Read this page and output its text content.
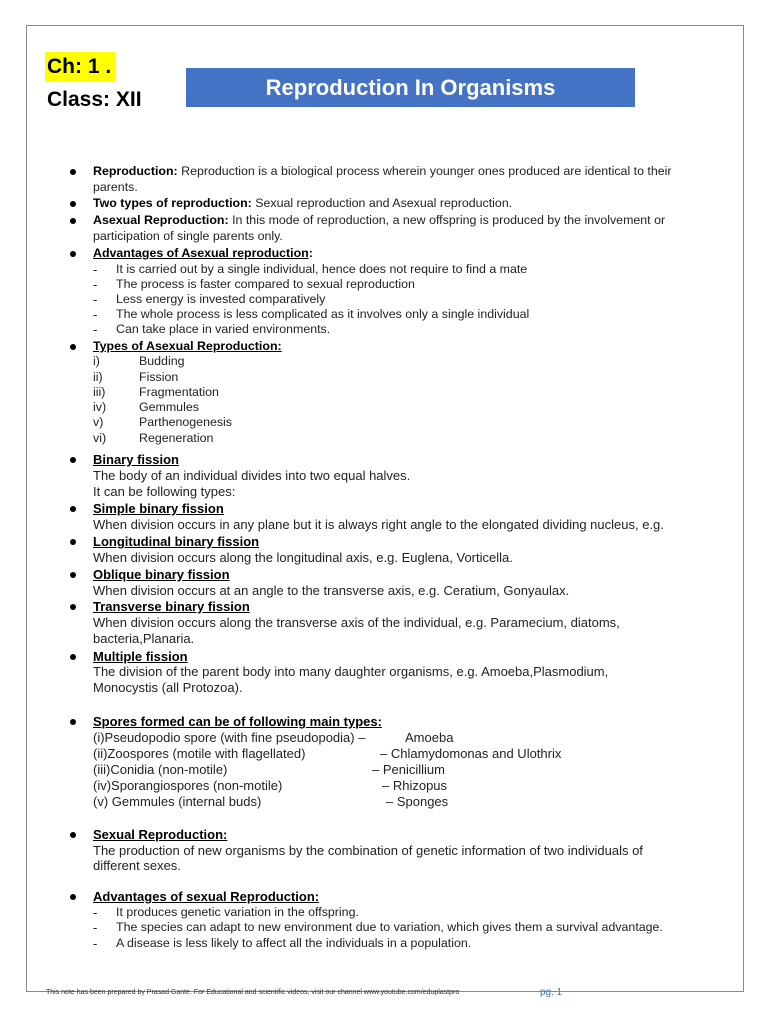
Ch: 1 .
Class: XII	Reproduction In Organisms
Reproduction: Reproduction is a biological process wherein younger ones produced are identical to their
parents.
Two types of reproduction: Sexual reproduction and Asexual reproduction.
Asexual Reproduction: In this mode of reproduction, a new offspring is produced by the involvement or
participation of single parents only.
Advantages of Asexual reproduction:
- It is carried out by a single individual, hence does not require to find a mate
- The process is faster compared to sexual reproduction
- Less energy is invested comparatively
- The whole process is less complicated as it involves only a single individual
- Can take place in varied environments.
Types of Asexual Reproduction:
i)	Budding
ii)	Fission
iii)	Fragmentation
iv)	Gemmules
v)	Parthenogenesis
vi)	Regeneration
Binary fission
The body of an individual divides into two equal halves.
It can be following types:
Simple binary fission
When division occurs in any plane but it is always right angle to the elongated dividing nucleus, e.g.
Longitudinal binary fission
When division occurs along the longitudinal axis, e.g. Euglena, Vorticella.
Oblique binary fission
When division occurs at an angle to the transverse axis, e.g. Ceratium, Gonyaulax.
Transverse binary fission
When division occurs along the transverse axis of the individual, e.g. Paramecium, diatoms,
bacteria,Planaria.
Multiple fission
The division of the parent body into many daughter organisms, e.g. Amoeba,Plasmodium,
Monocystis (all Protozoa).
Spores formed can be of following main types:
(i)Pseudopodio spore (with fine pseudopodia) –	Amoeba
(ii)Zoospores (motile with flagellated)	– Chlamydomonas and Ulothrix
(iii)Conidia (non-motile)	– Penicillium
(iv)Sporangiospores (non-motile)	– Rhizopus
(v) Gemmules (internal buds)	– Sponges
Sexual Reproduction:
The production of new organisms by the combination of genetic information of two individuals of
different sexes.
Advantages of sexual Reproduction:
- It produces genetic variation in the offspring.
- The species can adapt to new environment due to variation, which gives them a survival advantage.
- A disease is less likely to affect all the individuals in a population.
This note has been prepared by Prasad Gante. For Educational and scientific videos, visit our channel www.youtube.com/eduplastpro	pg. 1
